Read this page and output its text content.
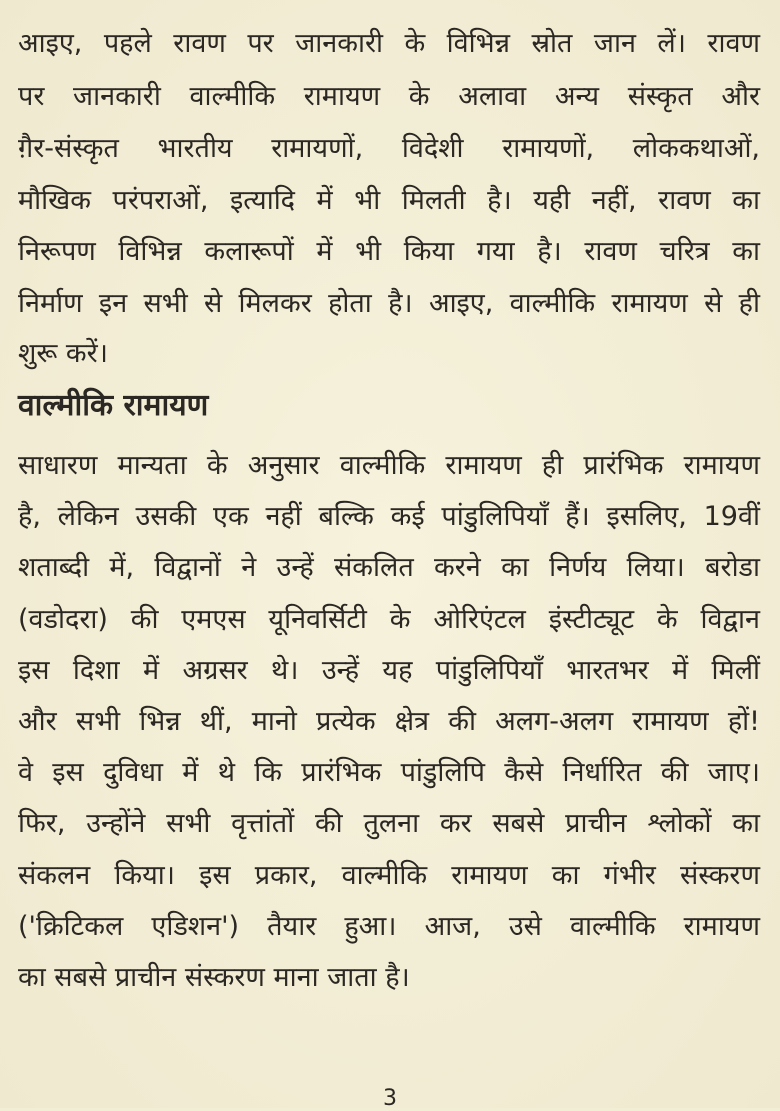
आइए, पहले रावण पर जानकारी के विभिन्न स्रोत जान लें। रावण
पर जानकारी वाल्मीकि रामायण के अलावा अन्य संस्कृत और
ग़ैर-संस्कृत भारतीय रामायणों, विदेशी रामायणों, लोककथाओं,
मौखिक परंपराओं, इत्यादि में भी मिलती है। यही नहीं, रावण का
निरूपण विभिन्न कलारूपों में भी किया गया है। रावण चरित्र का
निर्माण इन सभी से मिलकर होता है। आइए, वाल्मीकि रामायण से ही
शुरू करें।
वाल्मीकि रामायण
साधारण मान्यता के अनुसार वाल्मीकि रामायण ही प्रारंभिक रामायण
है, लेकिन उसकी एक नहीं बल्कि कई पांडुलिपियाँ हैं। इसलिए, 19वीं
शताब्दी में, विद्वानों ने उन्हें संकलित करने का निर्णय लिया। बरोडा
(वडोदरा) की एमएस यूनिवर्सिटी के ओरिएंटल इंस्टीट्यूट के विद्वान
इस दिशा में अग्रसर थे। उन्हें यह पांडुलिपियाँ भारतभर में मिलीं
और सभी भिन्न थीं, मानो प्रत्येक क्षेत्र की अलग-अलग रामायण हों!
वे इस दुविधा में थे कि प्रारंभिक पांडुलिपि कैसे निर्धारित की जाए।
फिर, उन्होंने सभी वृत्तांतों की तुलना कर सबसे प्राचीन श्लोकों का
संकलन किया। इस प्रकार, वाल्मीकि रामायण का गंभीर संस्करण
('क्रिटिकल एडिशन') तैयार हुआ। आज, उसे वाल्मीकि रामायण
का सबसे प्राचीन संस्करण माना जाता है।
3
